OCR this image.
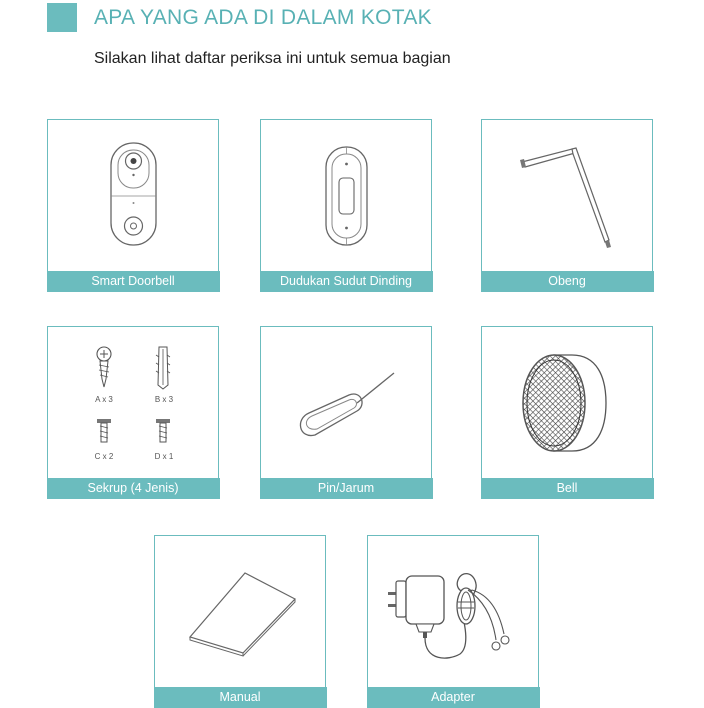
APA YANG ADA DI DALAM KOTAK
Silakan lihat daftar periksa ini untuk semua bagian
Smart Doorbell	Dudukan Sudut Dinding	Obeng
A x 3	B x 3
C x 2	D x 1
Sekrup (4 Jenis)	Pin/Jarum	Bell
Manual	Adapter
